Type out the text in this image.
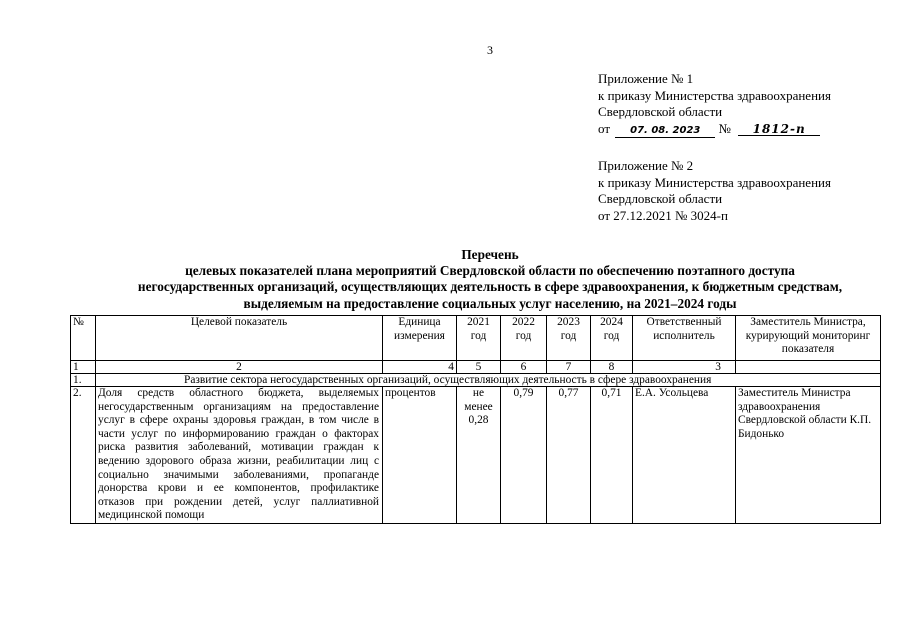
3
Приложение № 1
к приказу Министерства здравоохранения
Свердловской области
от 07. 08. 2023 № 1812-п
Приложение № 2
к приказу Министерства здравоохранения
Свердловской области
от 27.12.2021 № 3024-п
Перечень
целевых показателей плана мероприятий Свердловской области по обеспечению поэтапного доступа
негосударственных организаций, осуществляющих деятельность в сфере здравоохранения, к бюджетным средствам,
выделяемым на предоставление социальных услуг населению, на 2021–2024 годы
№	Целевой показатель	Единица измерения	2021 год	2022 год	2023 год	2024 год	Ответственный исполнитель	Заместитель Министра, курирующий мониторинг показателя
1	2	4	5	6	7	8	3	
1.	Развитие сектора негосударственных организаций, осуществляющих деятельность в сфере здравоохранения							
2.	Доля средств областного бюджета, выделяемых негосударственным организациям на предоставление услуг в сфере охраны здоровья граждан, в том числе в части услуг по информированию граждан о факторах риска развития заболеваний, мотивации граждан к ведению здорового образа жизни, реабилитации лиц с социально значимыми заболеваниями, пропаганде донорства крови и ее компонентов, профилактике отказов при рождении детей, услуг паллиативной медицинской помощи	процентов	не менее 0,28	0,79	0,77	0,71	Е.А. Усольцева	Заместитель Министра здравоохранения Свердловской области К.П. Бидонько
